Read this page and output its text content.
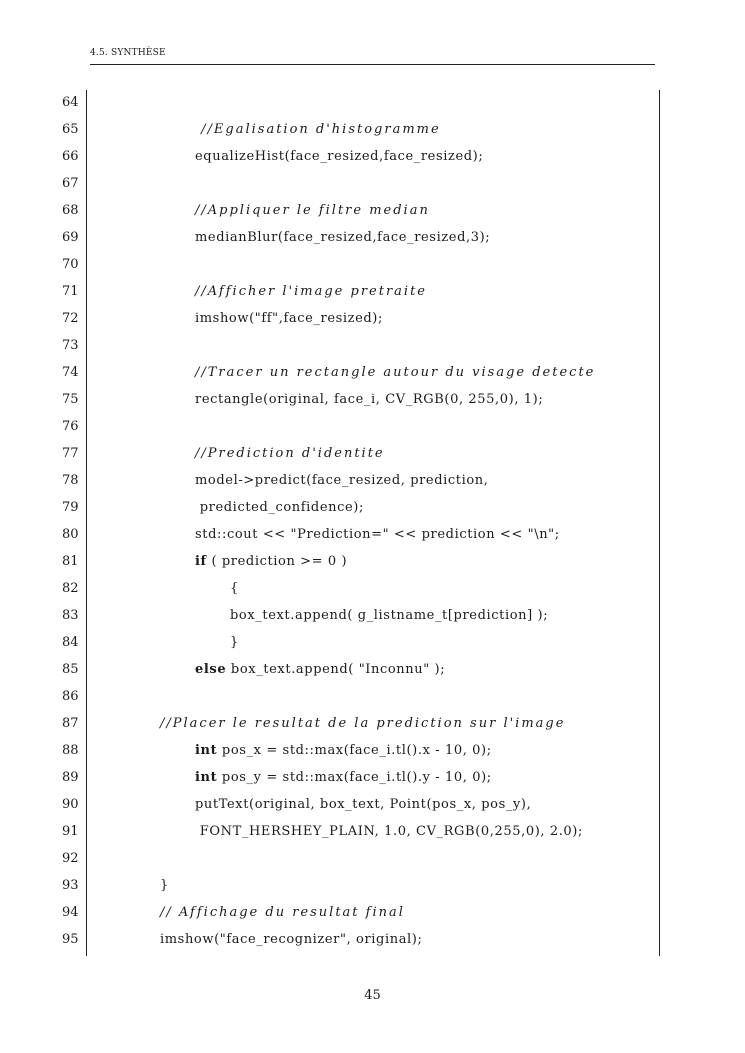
4.5. SYNTHÈSE
64
65	//Egalisation d'histogramme
66	equalizeHist(face_resized,face_resized);
67
68	//Appliquer le filtre median
69	medianBlur(face_resized,face_resized,3);
70
71	//Afficher l'image pretraite
72	imshow("ff",face_resized);
73
74	//Tracer un rectangle autour du visage detecte
75	rectangle(original, face_i, CV_RGB(0, 255,0), 1);
76
77	//Prediction d'identite
78	model->predict(face_resized, prediction,
79	predicted_confidence);
80	std::cout << "Prediction=" << prediction << "\n";
81	if ( prediction >= 0 )
82	{
83	box_text.append( g_listname_t[prediction] );
84	}
85	else box_text.append( "Inconnu" );
86
87	//Placer le resultat de la prediction sur l'image
88	int pos_x = std::max(face_i.tl().x - 10, 0);
89	int pos_y = std::max(face_i.tl().y - 10, 0);
90	putText(original, box_text, Point(pos_x, pos_y),
91	FONT_HERSHEY_PLAIN, 1.0, CV_RGB(0,255,0), 2.0);
92
93	}
94	// Affichage du resultat final
95	imshow("face_recognizer", original);
45
